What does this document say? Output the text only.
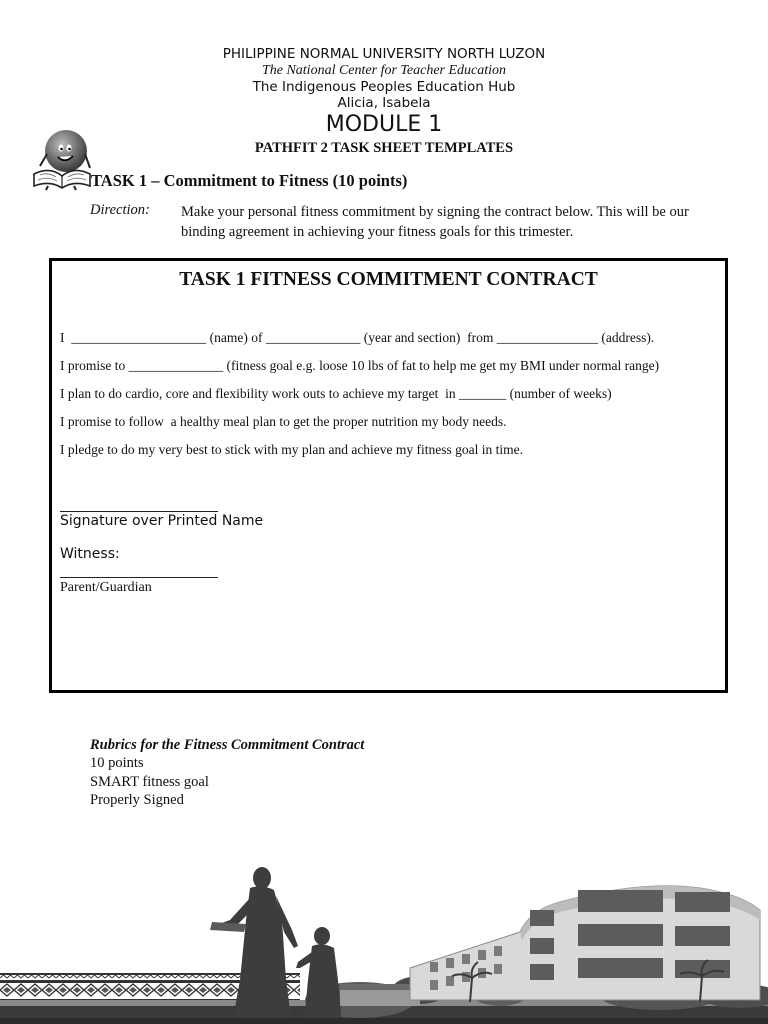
PHILIPPINE NORMAL UNIVERSITY NORTH LUZON
The National Center for Teacher Education
The Indigenous Peoples Education Hub
Alicia, Isabela
MODULE 1
PATHFIT 2 TASK SHEET TEMPLATES
TASK 1 – Commitment to Fitness (10 points)
Direction: Make your personal fitness commitment by signing the contract below. This will be our binding agreement in achieving your fitness goals for this trimester.
TASK 1 FITNESS COMMITMENT CONTRACT
I  ____________________ (name) of ______________ (year and section)  from _______________ (address).
I promise to ______________ (fitness goal e.g. loose 10 lbs of fat to help me get my BMI under normal range)
I plan to do cardio, core and flexibility work outs to achieve my target  in _______ (number of weeks)
I promise to follow  a healthy meal plan to get the proper nutrition my body needs.
I pledge to do my very best to stick with my plan and achieve my fitness goal in time.
Signature over Printed Name
Witness:
Parent/Guardian
Rubrics for the Fitness Commitment Contract
10 points
SMART fitness goal
Properly Signed
